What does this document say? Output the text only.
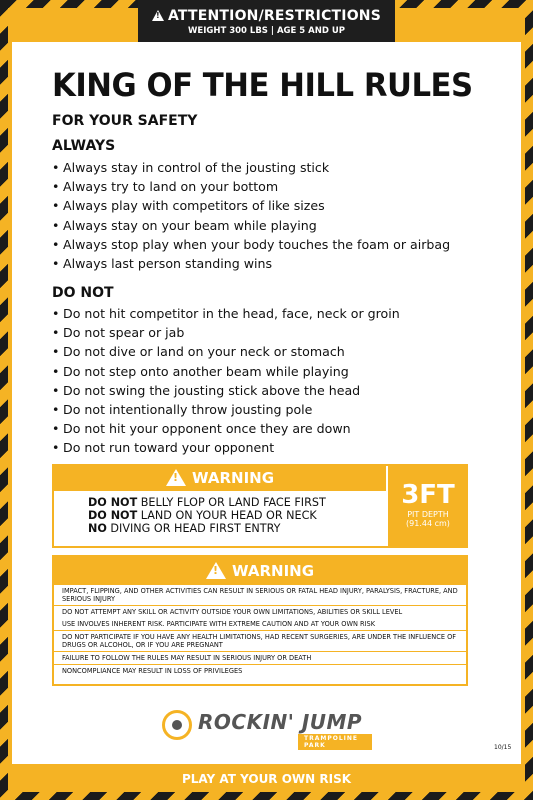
!ATTENTION/RESTRICTIONS
WEIGHT 300 LBS | AGE 5 AND UP
KING OF THE HILL RULES
FOR YOUR SAFETY
ALWAYS
• Always stay in control of the jousting stick
• Always try to land on your bottom
• Always play with competitors of like sizes
• Always stay on your beam while playing
• Always stop play when your body touches the foam or airbag
• Always last person standing wins
DO NOT
• Do not hit competitor in the head, face, neck or groin
• Do not spear or jab
• Do not dive or land on your neck or stomach
• Do not step onto another beam while playing
• Do not swing the jousting stick above the head
• Do not intentionally throw jousting pole
• Do not hit your opponent once they are down
• Do not run toward your opponent
! WARNING
DO NOT BELLY FLOP OR LAND FACE FIRST
DO NOT LAND ON YOUR HEAD OR NECK
NO DIVING OR HEAD FIRST ENTRY
3FT
PIT DEPTH
(91.44 cm)
! WARNING
IMPACT, FLIPPING, AND OTHER ACTIVITIES CAN RESULT IN SERIOUS OR FATAL HEAD INJURY, PARALYSIS, FRACTURE, AND SERIOUS INJURY
DO NOT ATTEMPT ANY SKILL OR ACTIVITY OUTSIDE YOUR OWN LIMITATIONS, ABILITIES OR SKILL LEVEL
USE INVOLVES INHERENT RISK. PARTICIPATE WITH EXTREME CAUTION AND AT YOUR OWN RISK
DO NOT PARTICIPATE IF YOU HAVE ANY HEALTH LIMITATIONS, HAD RECENT SURGERIES, ARE UNDER THE INFLUENCE OF DRUGS OR ALCOHOL, OR IF YOU ARE PREGNANT
FAILURE TO FOLLOW THE RULES MAY RESULT IN SERIOUS INJURY OR DEATH
NONCOMPLIANCE MAY RESULT IN LOSS OF PRIVILEGES
ROCKIN' JUMP
TRAMPOLINE PARK	10/15
PLAY AT YOUR OWN RISK
